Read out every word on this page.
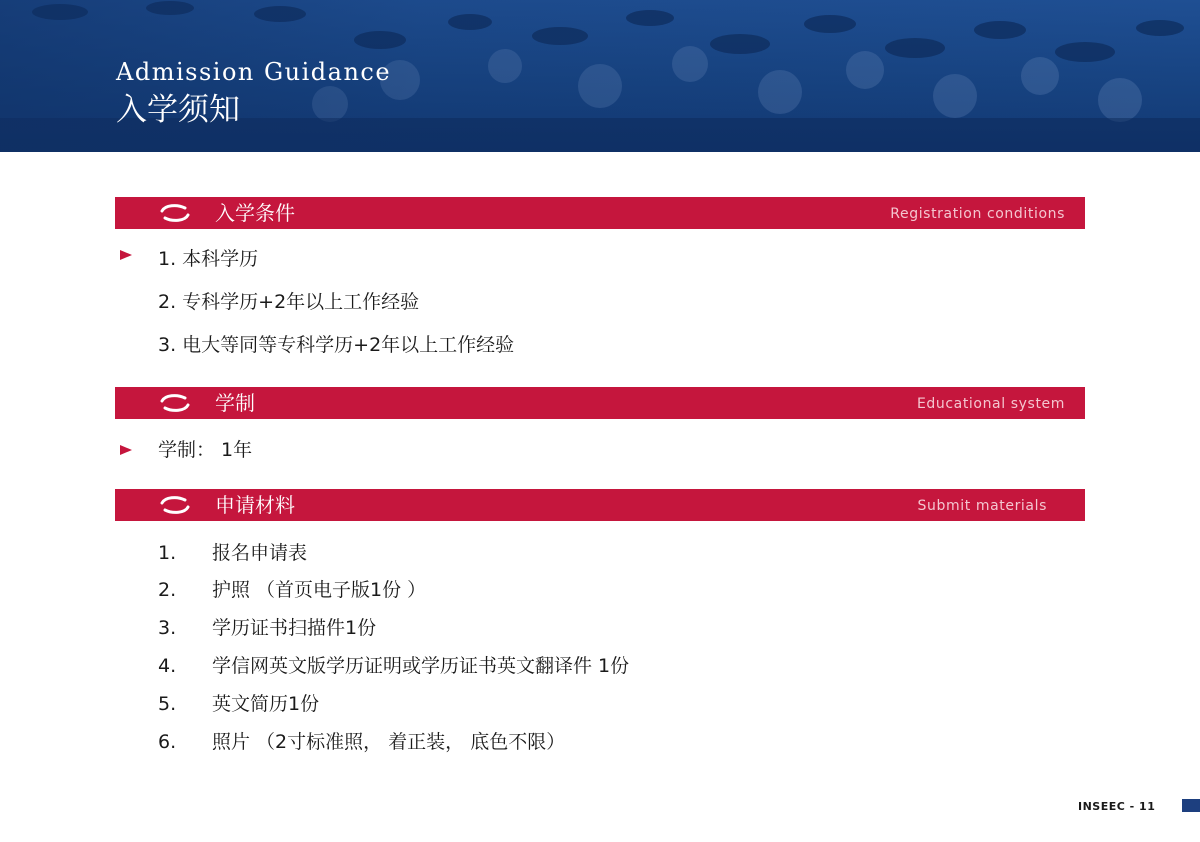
Admission Guidance
入学须知
入学条件	Registration conditions
1. 本科学历
2. 专科学历+2年以上工作经验
3. 电大等同等专科学历+2年以上工作经验
学制	Educational system
学制： 1年
申请材料	Submit materials
1. 报名申请表
2. 护照 （首页电子版1份 ）
3. 学历证书扫描件1份
4. 学信网英文版学历证明或学历证书英文翻译件 1份
5. 英文简历1份
6. 照片 （2寸标准照， 着正装， 底色不限）
INSEEC - 11
